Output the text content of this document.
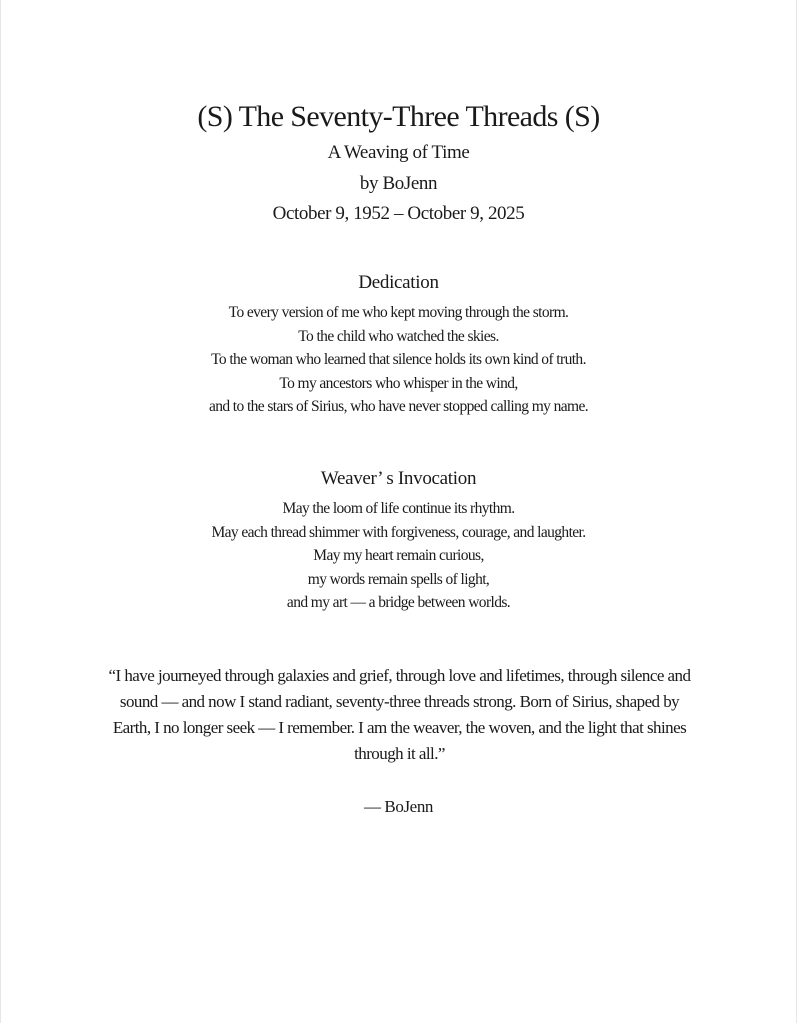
(S) The Seventy-Three Threads (S)
A Weaving of Time
by BoJenn
October 9, 1952 – October 9, 2025
Dedication
To every version of me who kept moving through the storm.
To the child who watched the skies.
To the woman who learned that silence holds its own kind of truth.
To my ancestors who whisper in the wind,
and to the stars of Sirius, who have never stopped calling my name.
Weaver’ s Invocation
May the loom of life continue its rhythm.
May each thread shimmer with forgiveness, courage, and laughter.
May my heart remain curious,
my words remain spells of light,
and my art — a bridge between worlds.
“I have journeyed through galaxies and grief, through love and lifetimes, through silence and sound — and now I stand radiant, seventy-three threads strong. Born of Sirius, shaped by Earth, I no longer seek — I remember. I am the weaver, the woven, and the light that shines through it all.”
— BoJenn
